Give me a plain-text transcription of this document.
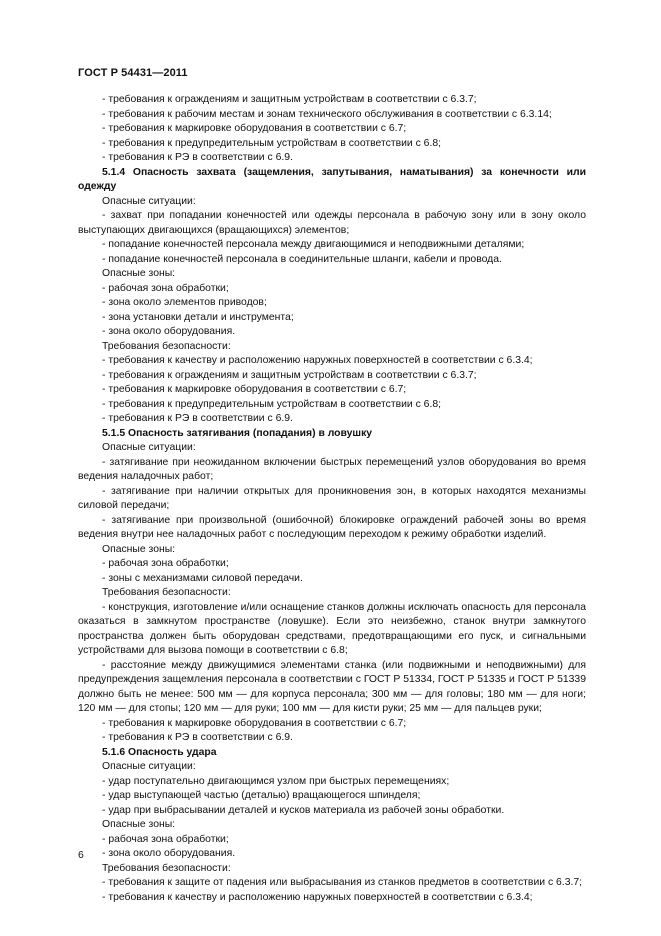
ГОСТ Р 54431—2011

- требования к ограждениям и защитным устройствам в соответствии с 6.3.7;

- требования к рабочим местам и зонам технического обслуживания в соответствии с 6.3.14;

- требования к маркировке оборудования в соответствии с 6.7;

- требования к предупредительным устройствам в соответствии с 6.8;

- требования к РЭ в соответствии с 6.9.

5.1.4 Опасность захвата (защемления, запутывания, наматывания) за конечности или одежду

Опасные ситуации:

- захват при попадании конечностей или одежды персонала в рабочую зону или в зону около выступающих двигающихся (вращающихся) элементов;

- попадание конечностей персонала между двигающимися и неподвижными деталями;

- попадание конечностей персонала в соединительные шланги, кабели и провода.

Опасные зоны:

- рабочая зона обработки;

- зона около элементов приводов;

- зона установки детали и инструмента;

- зона около оборудования.

Требования безопасности:

- требования к качеству и расположению наружных поверхностей в соответствии с 6.3.4;

- требования к ограждениям и защитным устройствам в соответствии с 6.3.7;

- требования к маркировке оборудования в соответствии с 6.7;

- требования к предупредительным устройствам в соответствии с 6.8;

- требования к РЭ в соответствии с 6.9.

5.1.5 Опасность затягивания (попадания) в ловушку

Опасные ситуации:

- затягивание при неожиданном включении быстрых перемещений узлов оборудования во время ведения наладочных работ;

- затягивание при наличии открытых для проникновения зон, в которых находятся механизмы силовой передачи;

- затягивание при произвольной (ошибочной) блокировке ограждений рабочей зоны во время ведения внутри нее наладочных работ с последующим переходом к режиму обработки изделий.

Опасные зоны:

- рабочая зона обработки;

- зоны с механизмами силовой передачи.

Требования безопасности:

- конструкция, изготовление и/или оснащение станков должны исключать опасность для персонала оказаться в замкнутом пространстве (ловушке). Если это неизбежно, станок внутри замкнутого пространства должен быть оборудован средствами, предотвращающими его пуск, и сигнальными устройствами для вызова помощи в соответствии с 6.8;

- расстояние между движущимися элементами станка (или подвижными и неподвижными) для предупреждения защемления персонала в соответствии с ГОСТ Р 51334, ГОСТ Р 51335 и ГОСТ Р 51339 должно быть не менее: 500 мм — для корпуса персонала; 300 мм — для головы; 180 мм — для ноги; 120 мм — для стопы; 120 мм — для руки; 100 мм — для кисти руки; 25 мм — для пальцев руки;

- требования к маркировке оборудования в соответствии с 6.7;

- требования к РЭ в соответствии с 6.9.

5.1.6 Опасность удара

Опасные ситуации:

- удар поступательно двигающимся узлом при быстрых перемещениях;

- удар выступающей частью (деталью) вращающегося шпинделя;

- удар при выбрасывании деталей и кусков материала из рабочей зоны обработки.

Опасные зоны:

- рабочая зона обработки;

- зона около оборудования.

Требования безопасности:

- требования к защите от падения или выбрасывания из станков предметов в соответствии с 6.3.7;

- требования к качеству и расположению наружных поверхностей в соответствии с 6.3.4;

6
